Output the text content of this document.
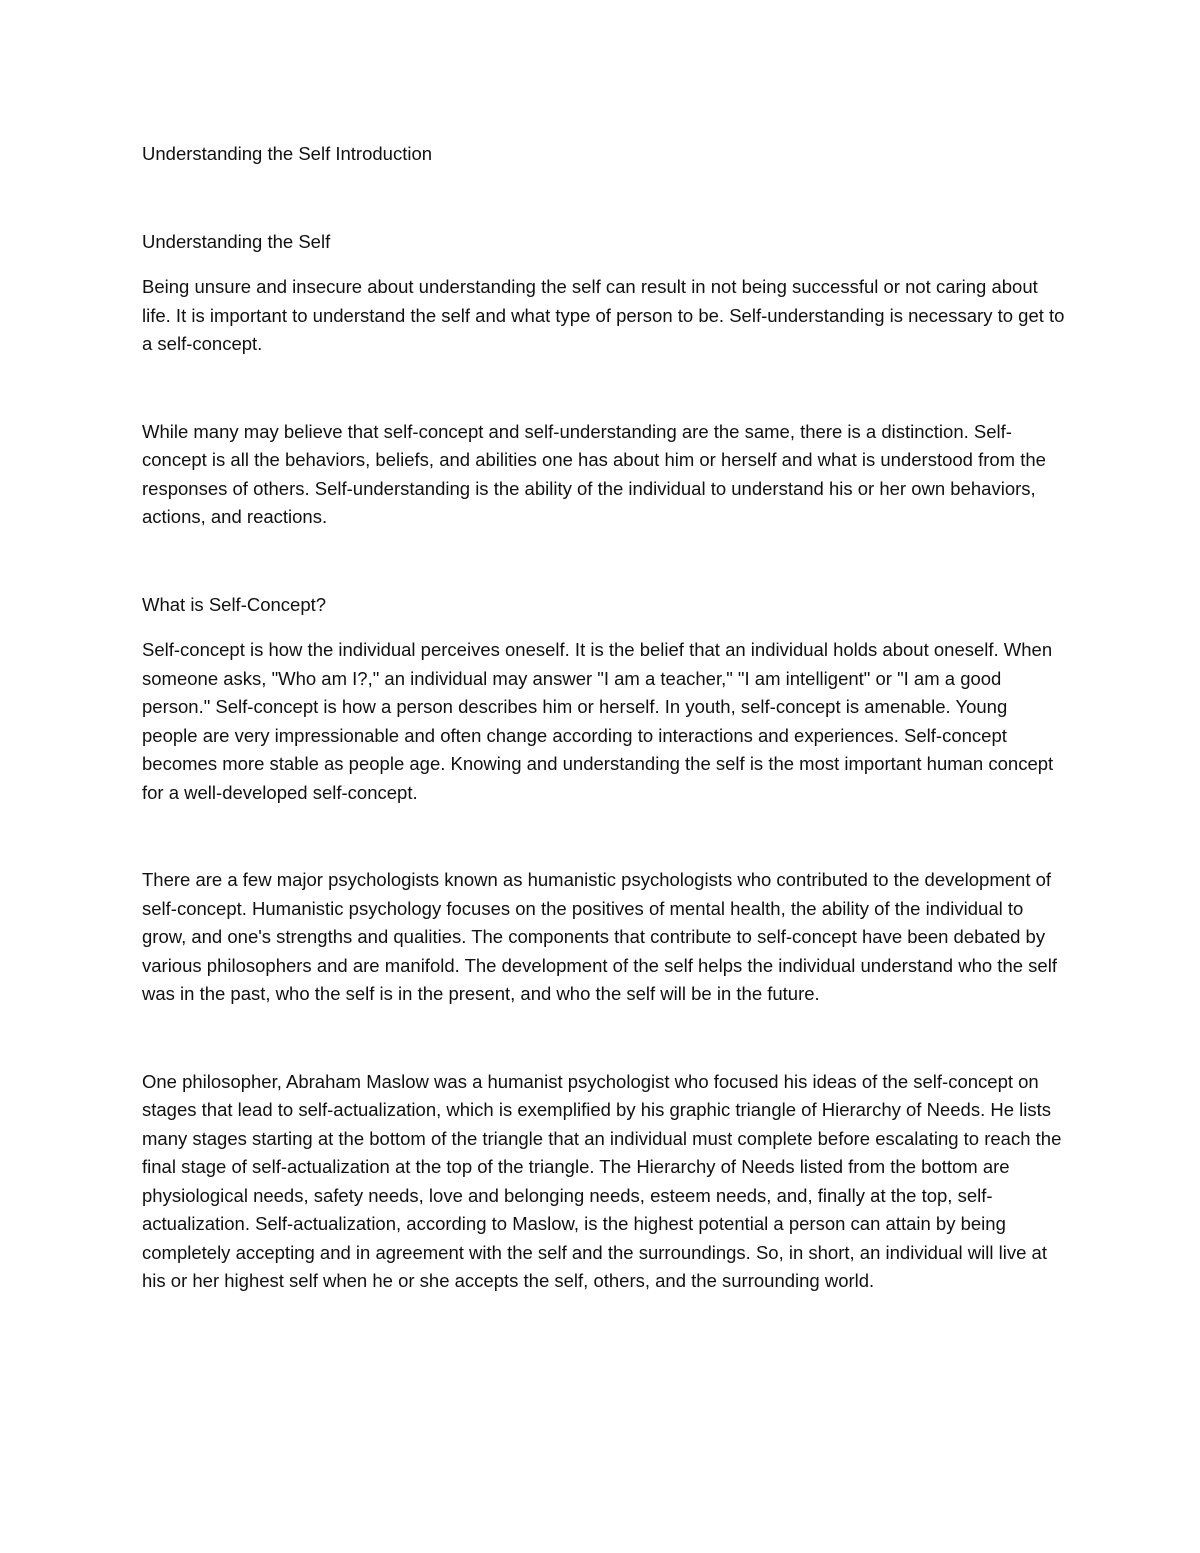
Understanding the Self Introduction
Understanding the Self

Being unsure and insecure about understanding the self can result in not being successful or not caring about life. It is important to understand the self and what type of person to be. Self-understanding is necessary to get to a self-concept.

While many may believe that self-concept and self-understanding are the same, there is a distinction. Self-concept is all the behaviors, beliefs, and abilities one has about him or herself and what is understood from the responses of others. Self-understanding is the ability of the individual to understand his or her own behaviors, actions, and reactions.

What is Self-Concept?

Self-concept is how the individual perceives oneself. It is the belief that an individual holds about oneself. When someone asks, "Who am I?," an individual may answer "I am a teacher," "I am intelligent" or "I am a good person." Self-concept is how a person describes him or herself. In youth, self-concept is amenable. Young people are very impressionable and often change according to interactions and experiences. Self-concept becomes more stable as people age. Knowing and understanding the self is the most important human concept for a well-developed self-concept.

There are a few major psychologists known as humanistic psychologists who contributed to the development of self-concept. Humanistic psychology focuses on the positives of mental health, the ability of the individual to grow, and one's strengths and qualities. The components that contribute to self-concept have been debated by various philosophers and are manifold. The development of the self helps the individual understand who the self was in the past, who the self is in the present, and who the self will be in the future.

One philosopher, Abraham Maslow was a humanist psychologist who focused his ideas of the self-concept on stages that lead to self-actualization, which is exemplified by his graphic triangle of Hierarchy of Needs. He lists many stages starting at the bottom of the triangle that an individual must complete before escalating to reach the final stage of self-actualization at the top of the triangle. The Hierarchy of Needs listed from the bottom are physiological needs, safety needs, love and belonging needs, esteem needs, and, finally at the top, self-actualization. Self-actualization, according to Maslow, is the highest potential a person can attain by being completely accepting and in agreement with the self and the surroundings. So, in short, an individual will live at his or her highest self when he or she accepts the self, others, and the surrounding world.
